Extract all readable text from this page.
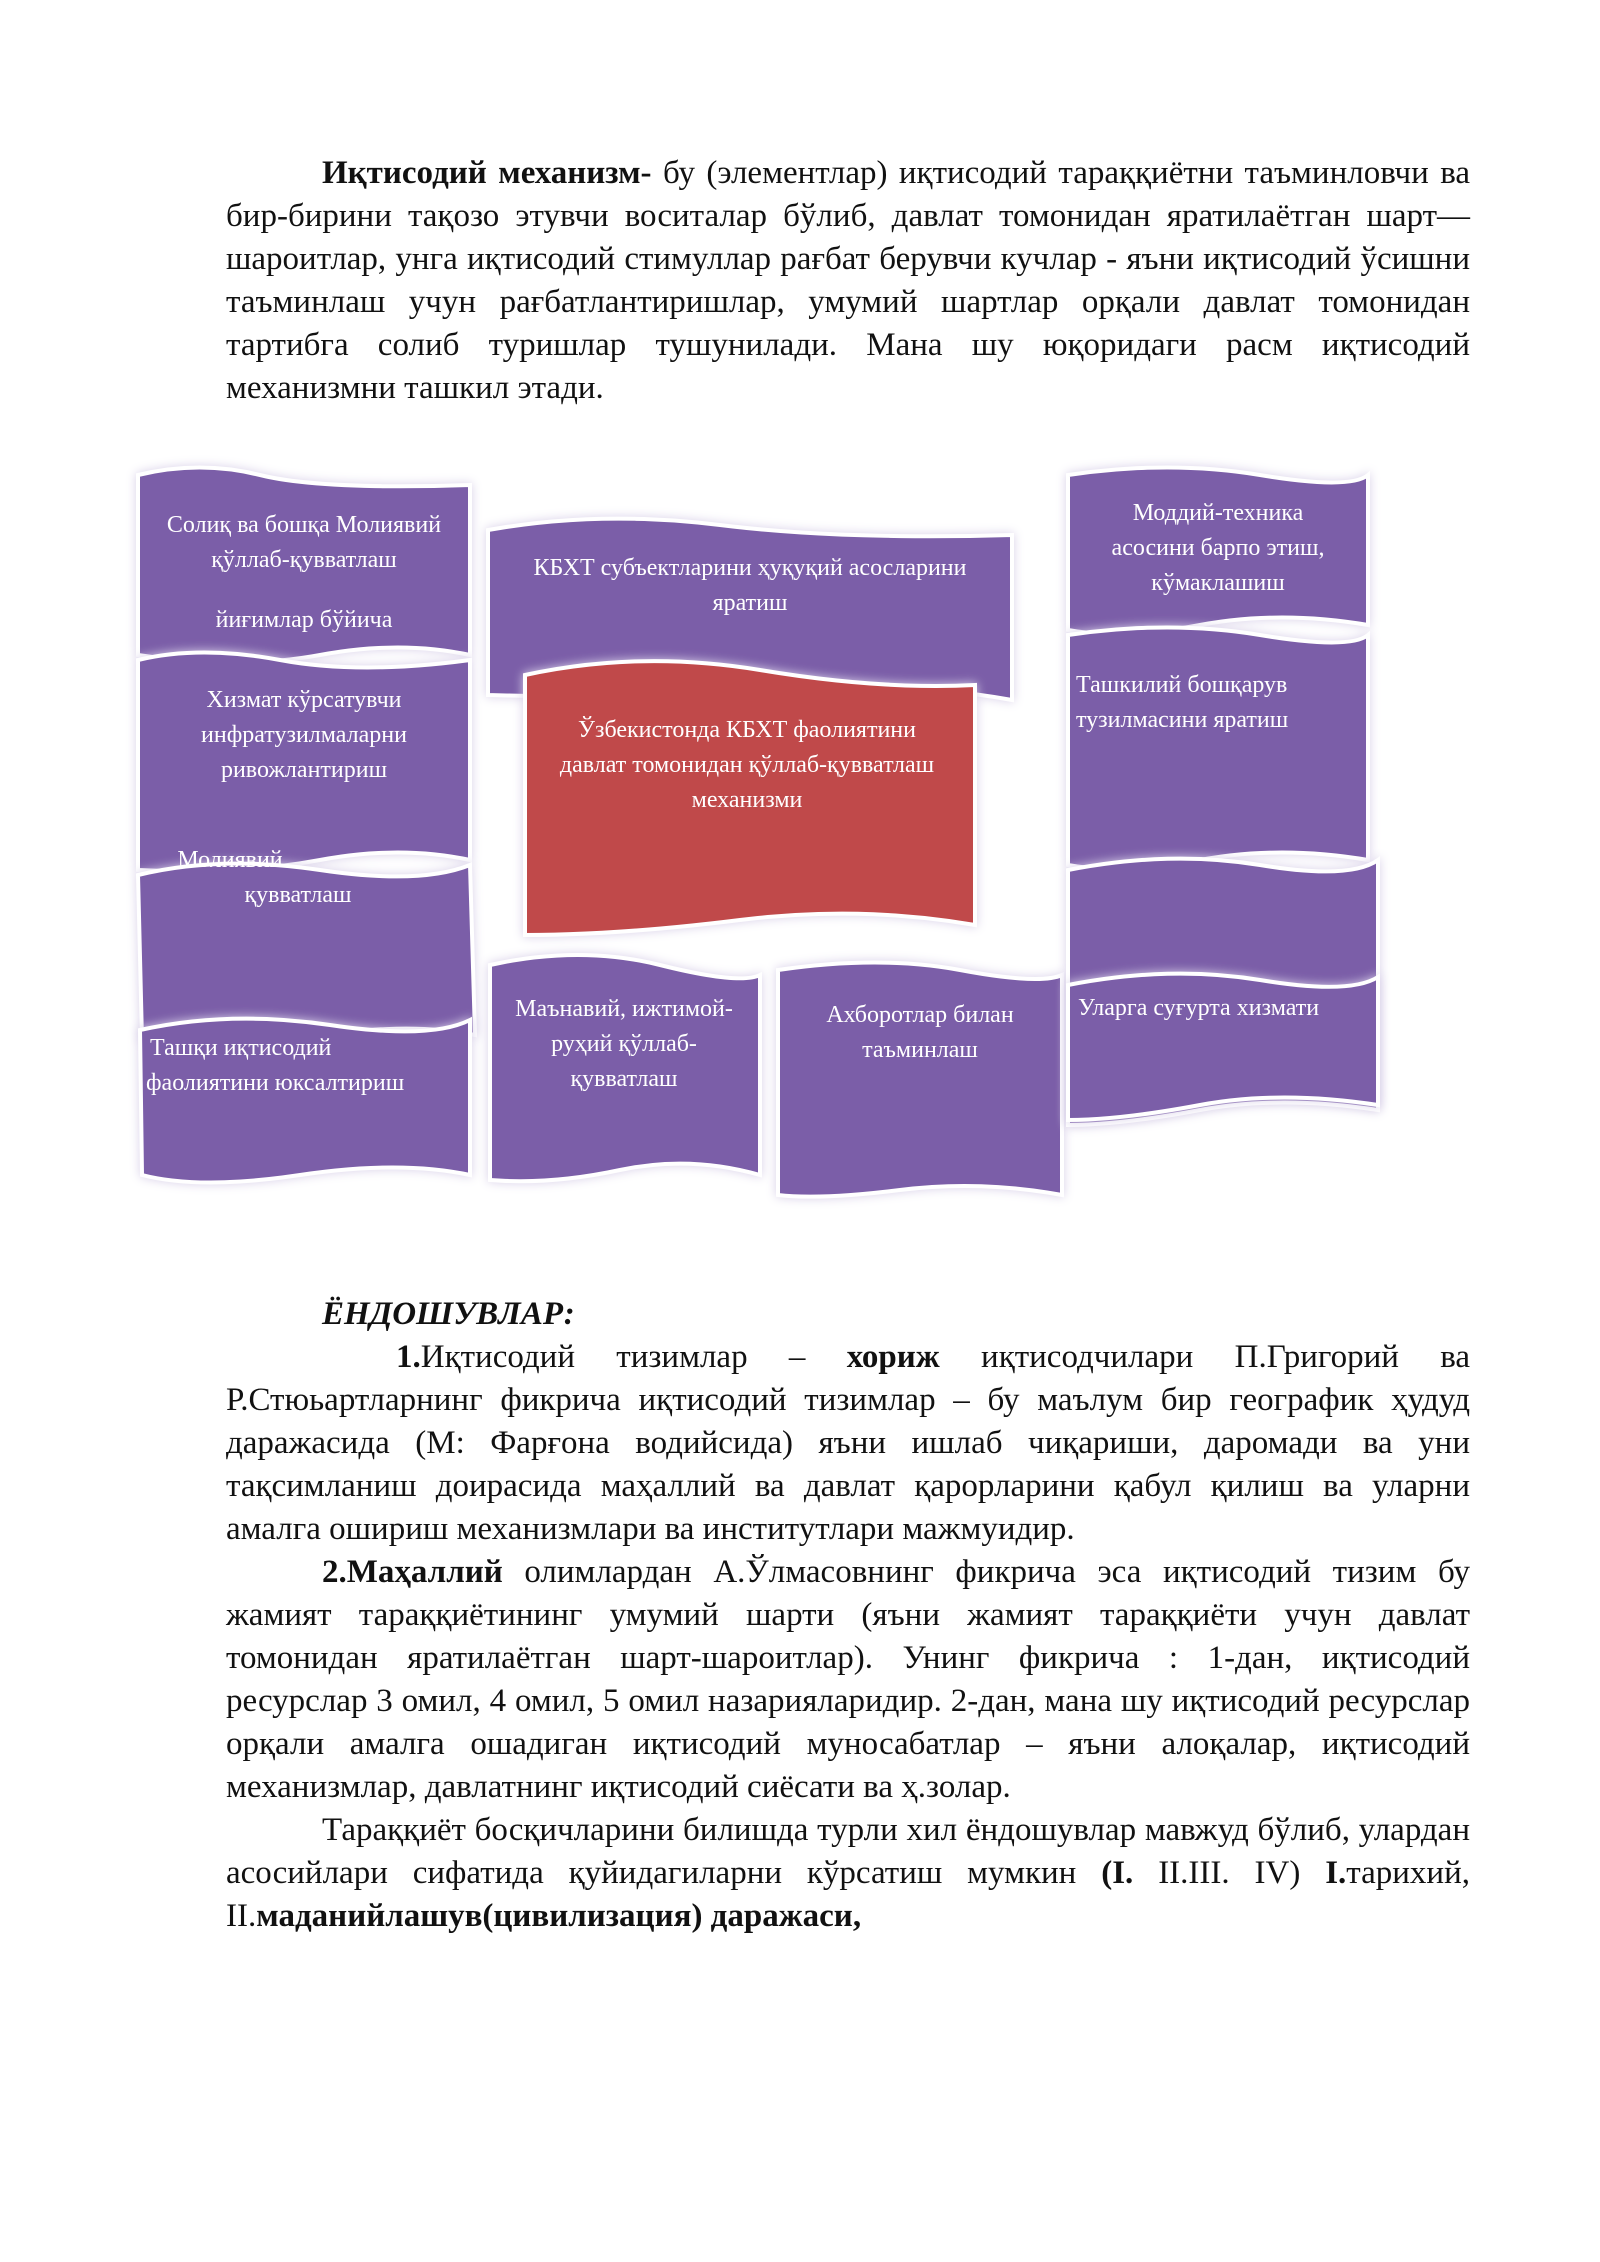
Иқтисодий механизм- бу (элементлар) иқтисодий тараққиётни таъминловчи ва бир-бирини тақозо этувчи воситалар бўлиб, давлат томонидан яратилаётган шарт—шароитлар, унга иқтисодий стимуллар рағбат берувчи кучлар - яъни иқтисодий ўсишни таъминлаш учун рағбатлантиришлар, умумий шартлар орқали давлат томонидан тартибга солиб туришлар тушунилади. Мана шу юқоридаги расм иқтисодий механизмни ташкил этади.

Солиқ ва бошқа Молиявий
қўллаб-қувватлаш
йиғимлар бўйича
Хизмат кўрсатувчи
инфратузилмаларни
ривожлантириш
Молиявий
қувватлаш
Ташқи иқтисодий
фаолиятини юксалтириш
КБХТ субъектларини ҳуқуқий асосларини
яратиш
Ўзбекистонда КБХТ фаолиятини
давлат томонидан қўллаб-қувватлаш
механизми
Маънавий, ижтимой-
руҳий қўллаб-
қувватлаш
Ахборотлар билан
таъминлаш
Моддий-техника
асосини барпо этиш,
кўмаклашиш
Ташкилий бошқарув
тузилмасини яратиш
Уларга суғурта хизмати

ЁНДОШУВЛАР:

1.Иқтисодий тизимлар – хориж иқтисодчилари П.Григорий ва Р.Стюьартларнинг фикрича иқтисодий тизимлар – бу маълум бир географик ҳудуд даражасида (М: Фарғона водийсида) яъни ишлаб чиқариши, даромади ва уни тақсимланиш доирасида маҳаллий ва давлат қарорларини қабул қилиш ва уларни амалга ошириш механизмлари ва институтлари мажмуидир.

2.Маҳаллий олимлардан А.Ўлмасовнинг фикрича эса иқтисодий тизим бу жамият тараққиётининг умумий шарти (яъни жамият тараққиёти учун давлат томонидан яратилаётган шарт-шароитлар). Унинг фикрича : 1-дан, иқтисодий ресурслар 3 омил, 4 омил, 5 омил назарияларидир. 2-дан, мана шу иқтисодий ресурслар орқали амалга ошадиган иқтисодий муносабатлар – яъни алоқалар, иқтисодий механизмлар, давлатнинг иқтисодий сиёсати ва ҳ.золар.

Тараққиёт босқичларини билишда турли хил ёндошувлар мавжуд бўлиб, улардан асосийлари сифатида қуйидагиларни кўрсатиш мумкин (I. II.III. IV) I.тарихий, II.маданийлашув(цивилизация) даражаси,
